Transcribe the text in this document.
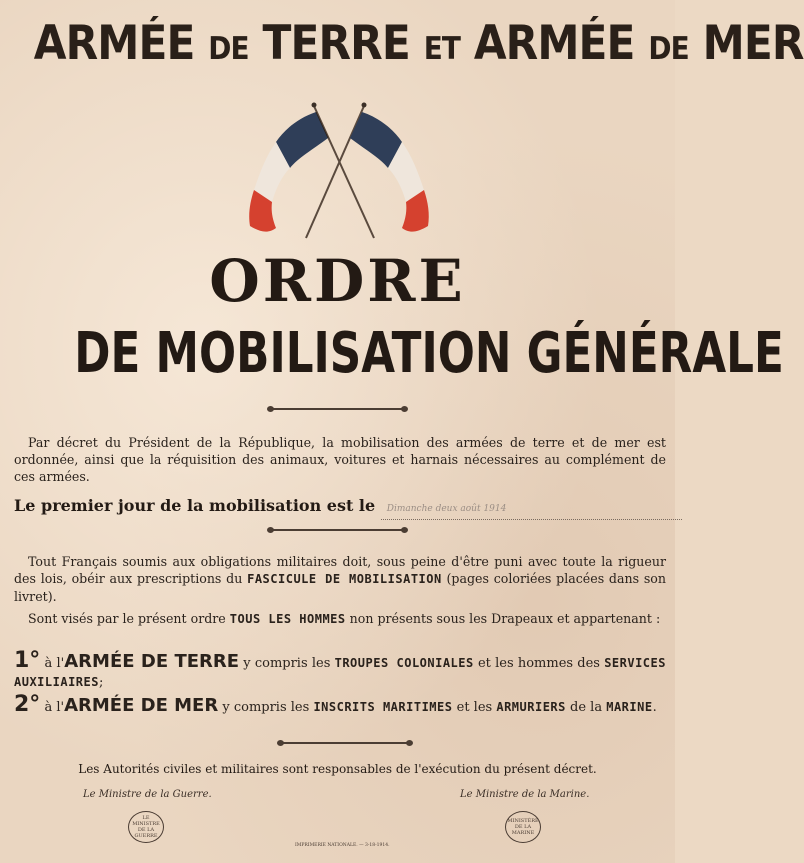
ARMÉE DE TERRE ET ARMÉE DE MER
ORDRE
DE MOBILISATION GÉNÉRALE
Par décret du Président de la République, la mobilisation des armées de terre et de mer est ordonnée, ainsi que la réquisition des animaux, voitures et harnais nécessaires au complément de ces armées.
Le premier jour de la mobilisation est le Dimanche deux août 1914
Tout Français soumis aux obligations militaires doit, sous peine d'être puni avec toute la rigueur des lois, obéir aux prescriptions du FASCICULE DE MOBILISATION (pages coloriées placées dans son livret).
Sont visés par le présent ordre TOUS LES HOMMES non présents sous les Drapeaux et appartenant :
1° à l'ARMÉE DE TERRE y compris les TROUPES COLONIALES et les hommes des SERVICES AUXILIAIRES;
2° à l'ARMÉE DE MER y compris les INSCRITS MARITIMES et les ARMURIERS de la MARINE.
Les Autorités civiles et militaires sont responsables de l'exécution du présent décret.
Le Ministre de la Guerre.	Le Ministre de la Marine.
LE MINISTRE DE LA GUERRE
MINISTÈRE DE LA MARINE
IMPRIMERIE NATIONALE. — 3-18-1914.
